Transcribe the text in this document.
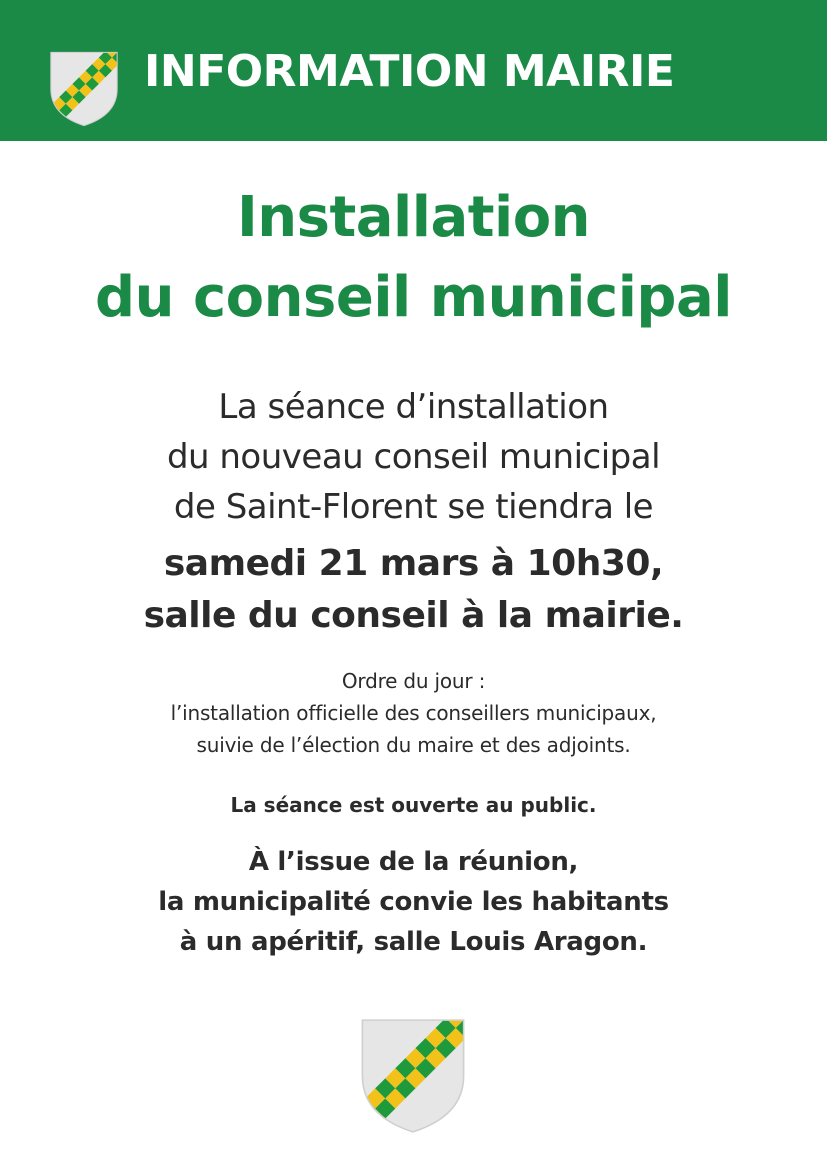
INFORMATION MAIRIE
Installation
du conseil municipal
La séance d’installation
du nouveau conseil municipal
de Saint-Florent se tiendra le
samedi 21 mars à 10h30,
salle du conseil à la mairie.
Ordre du jour :
l’installation officielle des conseillers municipaux,
suivie de l’élection du maire et des adjoints.
La séance est ouverte au public.
À l’issue de la réunion,
la municipalité convie les habitants
à un apéritif, salle Louis Aragon.
